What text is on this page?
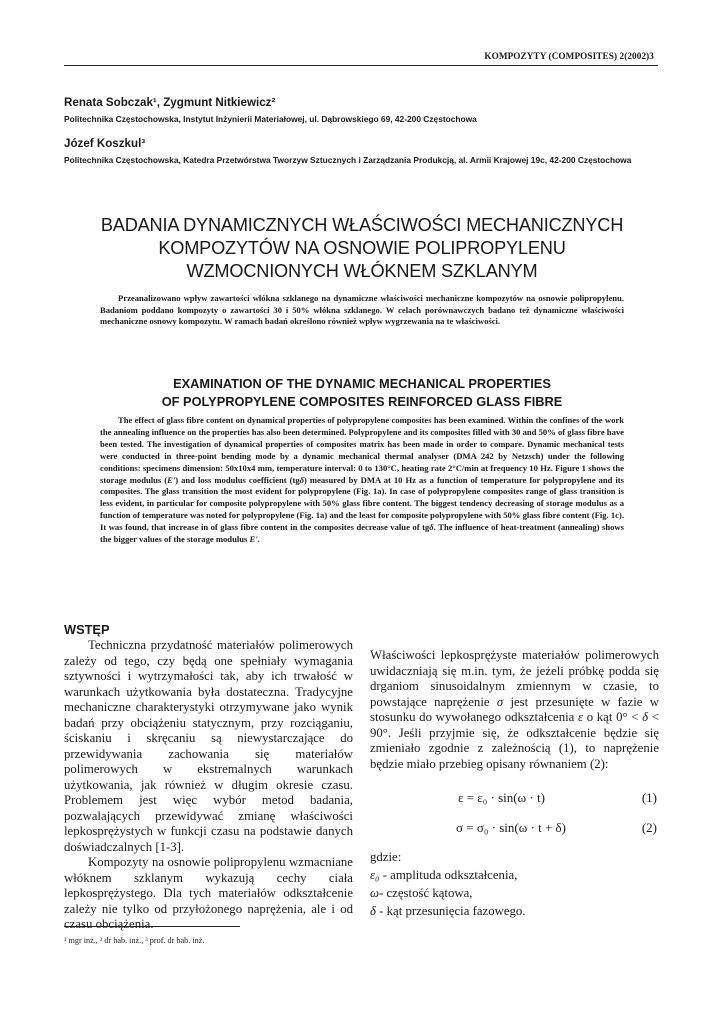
KOMPOZYTY (COMPOSITES) 2(2002)3
Renata Sobczak¹, Zygmunt Nitkiewicz²
Politechnika Częstochowska, Instytut Inżynierii Materiałowej, ul. Dąbrowskiego 69, 42-200 Częstochowa
Józef Koszkul³
Politechnika Częstochowska, Katedra Przetwórstwa Tworzyw Sztucznych i Zarządzania Produkcją, al. Armii Krajowej 19c, 42-200 Częstochowa
BADANIA DYNAMICZNYCH WŁAŚCIWOŚCI MECHANICZNYCH
KOMPOZYTÓW NA OSNOWIE POLIPROPYLENU
WZMOCNIONYCH WŁÓKNEM SZKLANYM

Przeanalizowano wpływ zawartości włókna szklanego na dynamiczne właściwości mechaniczne kompozytów na osnowie polipropylenu. Badaniom poddano kompozyty o zawartości 30 i 50% włókna szklanego. W celach porównawczych badano też dynamiczne właściwości mechaniczne osnowy kompozytu. W ramach badań określono również wpływ wygrzewania na te właściwości.

EXAMINATION OF THE DYNAMIC MECHANICAL PROPERTIES
OF POLYPROPYLENE COMPOSITES REINFORCED GLASS FIBRE

The effect of glass fibre content on dynamical properties of polypropylene composites has been examined. Within the confines of the work the annealing influence on the properties has also been determined. Polypropylene and its composites filled with 30 and 50% of glass fibre have been tested. The investigation of dynamical properties of composites matrix has been made in order to compare. Dynamic mechanical tests were conducted in three-point bending mode by a dynamic mechanical thermal analyser (DMA 242 by Netzsch) under the following conditions: specimens dimension: 50x10x4 mm, temperature interval: 0 to 130°C, heating rate 2°C/min at frequency 10 Hz. Figure 1 shows the storage modulus (E') and loss modulus coefficient (tgδ) measured by DMA at 10 Hz as a function of temperature for polypropylene and its composites. The glass transition the most evident for polypropylene (Fig. 1a). In case of polypropylene composites range of glass transition is less evident, in particular for composite polypropylene with 50% glass fibre content. The biggest tendency decreasing of storage modulus as a function of temperature was noted for polypropylene (Fig. 1a) and the least for composite polypropylene with 50% glass fibre content (Fig. 1c). It was found, that increase in of glass fibre content in the composites decrease value of tgδ. The influence of heat-treatment (annealing) shows the bigger values of the storage modulus E'.

WSTĘP

Techniczna przydatność materiałów polimerowych zależy od tego, czy będą one spełniały wymagania sztywności i wytrzymałości tak, aby ich trwałość w warunkach użytkowania była dostateczna. Tradycyjne mechaniczne charakterystyki otrzymywane jako wynik badań przy obciążeniu statycznym, przy rozciąganiu, ściskaniu i skręcaniu są niewystarczające do przewidywania zachowania się materiałów polimerowych w ekstremalnych warunkach użytkowania, jak również w długim okresie czasu. Problemem jest więc wybór metod badania, pozwalających przewidywać zmianę właściwości lepkosprężystych w funkcji czasu na podstawie danych doświadczalnych [1-3].

Kompozyty na osnowie polipropylenu wzmacniane włóknem szklanym wykazują cechy ciała lepkosprężystego. Dla tych materiałów odkształcenie zależy nie tylko od przyłożonego naprężenia, ale i od czasu obciążenia.

Właściwości lepkosprężyste materiałów polimerowych uwidaczniają się m.in. tym, że jeżeli próbkę podda się drganiom sinusoidalnym zmiennym w czasie, to powstające naprężenie σ jest przesunięte w fazie w stosunku do wywołanego odkształcenia ε o kąt 0° < δ < 90°. Jeśli przyjmie się, że odkształcenie będzie się zmieniało zgodnie z zależnością (1), to naprężenie będzie miało przebieg opisany równaniem (2):

ε = ε₀ · sin(ω · t)	(1)
σ = σ₀ · sin(ω · t + δ)	(2)
gdzie:
ε₀ - amplituda odkształcenia,
ω- częstość kątowa,
δ - kąt przesunięcia fazowego.
¹ mgr inż., ² dr hab. inż., ³ prof. dr hab. inż.
